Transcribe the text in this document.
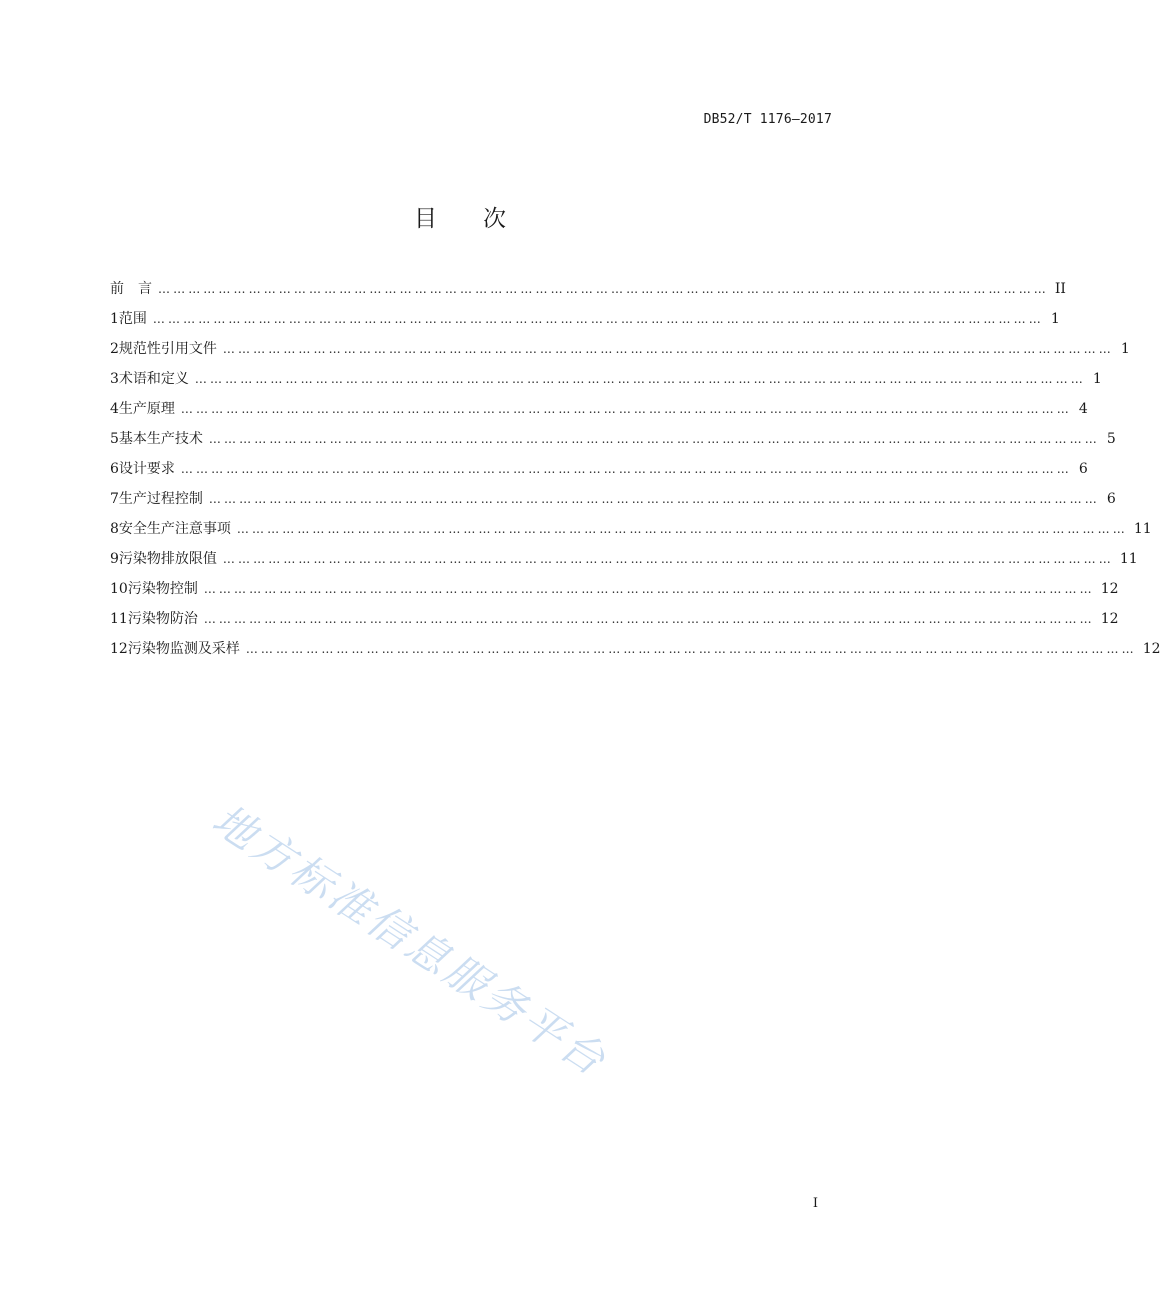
DB52/T 1176—2017
目次
前　言 …………………………………………………………………………………………………………………………………………………………… II
1 范围 …………………………………………………………………………………………………………………………………………………………… 1
2 规范性引用文件 …………………………………………………………………………………………………………………………………………………………… 1
3 术语和定义 …………………………………………………………………………………………………………………………………………………………… 1
4 生产原理 …………………………………………………………………………………………………………………………………………………………… 4
5 基本生产技术 …………………………………………………………………………………………………………………………………………………………… 5
6 设计要求 …………………………………………………………………………………………………………………………………………………………… 6
7 生产过程控制 …………………………………………………………………………………………………………………………………………………………… 6
8 安全生产注意事项 …………………………………………………………………………………………………………………………………………………………… 11
9 污染物排放限值 …………………………………………………………………………………………………………………………………………………………… 11
10 污染物控制 …………………………………………………………………………………………………………………………………………………………… 12
11 污染物防治 …………………………………………………………………………………………………………………………………………………………… 12
12 污染物监测及采样 …………………………………………………………………………………………………………………………………………………………… 12
地方标准信息服务平台
I
